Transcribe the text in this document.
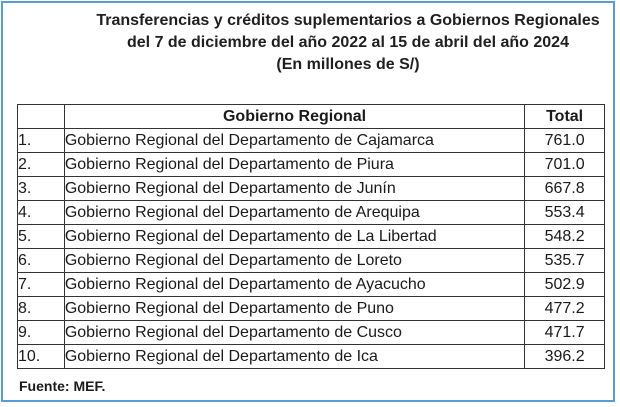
Transferencias y créditos suplementarios a Gobiernos Regionales
del 7 de diciembre del año 2022 al 15 de abril del año 2024
(En millones de S/)
	Gobierno Regional	Total
1.	Gobierno Regional del Departamento de Cajamarca	761.0
2.	Gobierno Regional del Departamento de Piura	701.0
3.	Gobierno Regional del Departamento de Junín	667.8
4.	Gobierno Regional del Departamento de Arequipa	553.4
5.	Gobierno Regional del Departamento de La Libertad	548.2
6.	Gobierno Regional del Departamento de Loreto	535.7
7.	Gobierno Regional del Departamento de Ayacucho	502.9
8.	Gobierno Regional del Departamento de Puno	477.2
9.	Gobierno Regional del Departamento de Cusco	471.7
10.	Gobierno Regional del Departamento de Ica	396.2
Fuente: MEF.
